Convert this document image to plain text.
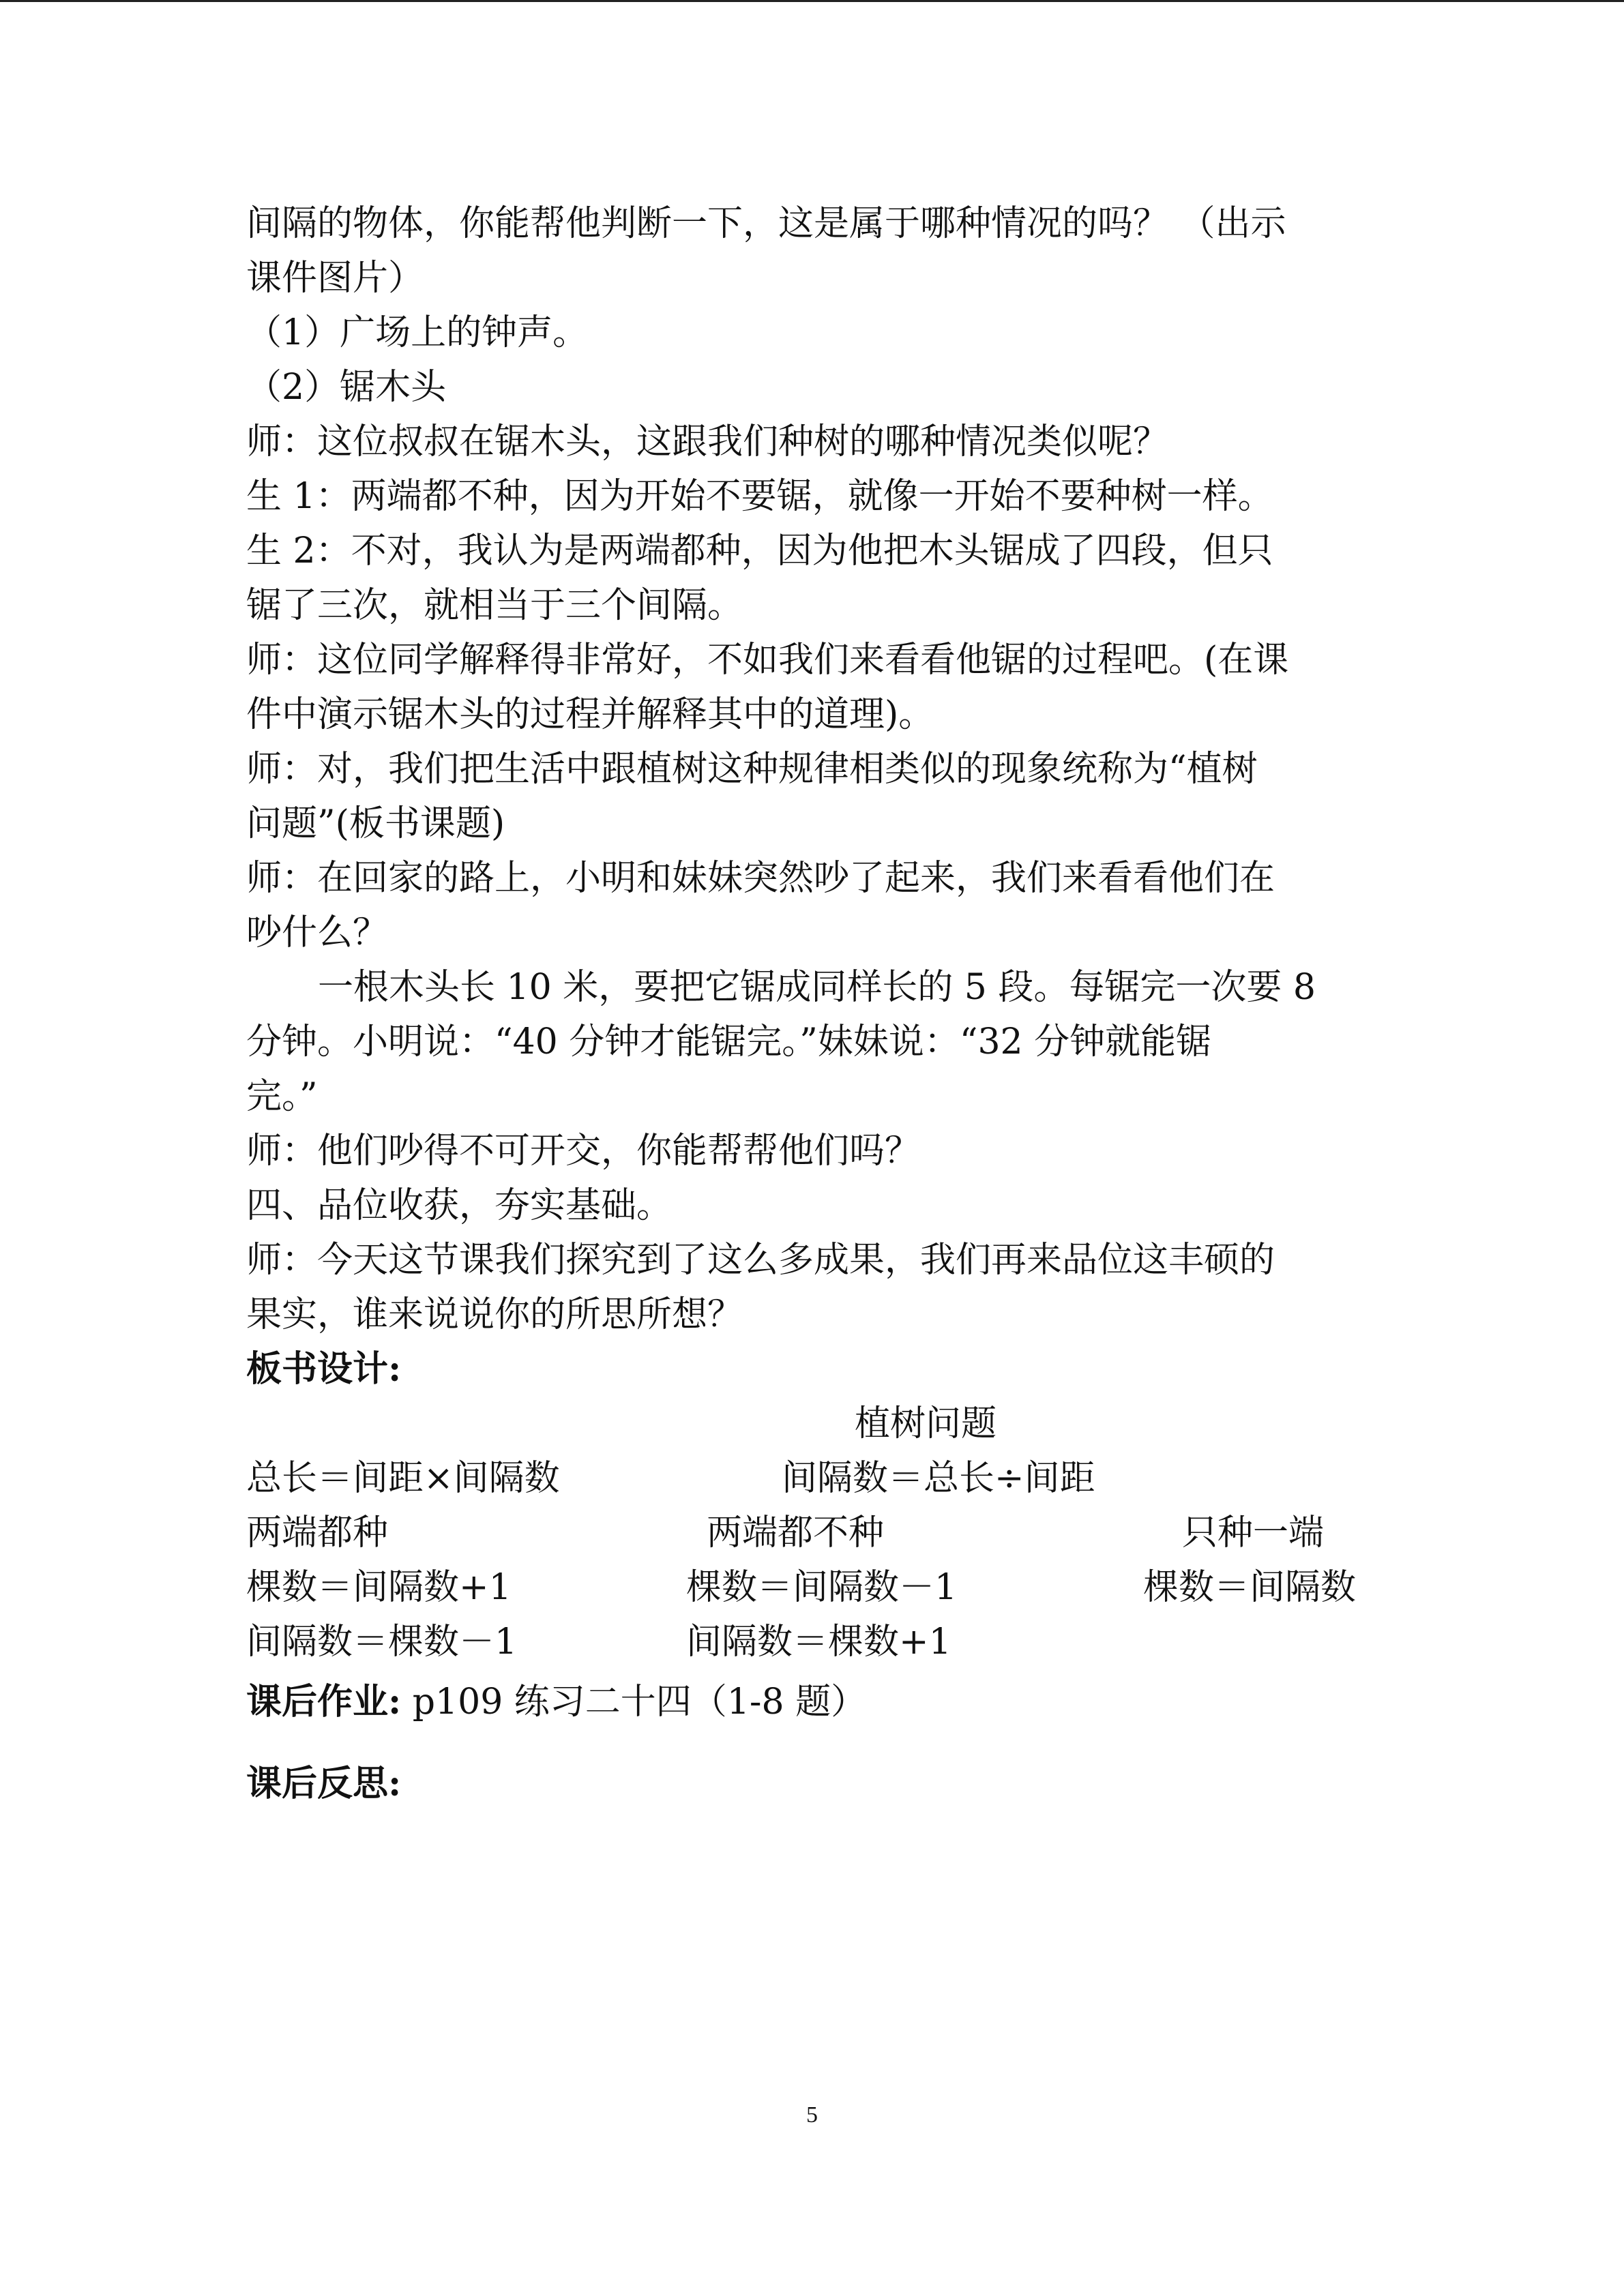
间隔的物体，你能帮他判断一下，这是属于哪种情况的吗？ （出示

课件图片）

（1）广场上的钟声。

（2）锯木头

师：这位叔叔在锯木头，这跟我们种树的哪种情况类似呢？

生 1：两端都不种，因为开始不要锯，就像一开始不要种树一样。

生 2：不对，我认为是两端都种，因为他把木头锯成了四段，但只

锯了三次，就相当于三个间隔。

师：这位同学解释得非常好，不如我们来看看他锯的过程吧。(在课

件中演示锯木头的过程并解释其中的道理)。

师：对，我们把生活中跟植树这种规律相类似的现象统称为“植树

问题”(板书课题)

师：在回家的路上，小明和妹妹突然吵了起来，我们来看看他们在

吵什么？

一根木头长 10 米，要把它锯成同样长的 5 段。每锯完一次要 8

分钟。小明说：“40 分钟才能锯完。”妹妹说：“32 分钟就能锯

完。”

师：他们吵得不可开交，你能帮帮他们吗？

四、品位收获，夯实基础。

师：今天这节课我们探究到了这么多成果，我们再来品位这丰硕的

果实，谁来说说你的所思所想？

板书设计:

植树问题
总长＝间距×间隔数	间隔数＝总长÷间距
两端都种	两端都不种	只种一端
棵数＝间隔数+1	棵数＝间隔数－1	棵数＝间隔数
间隔数＝棵数－1	间隔数＝棵数+1

课后作业: p109 练习二十四（1-8 题）

课后反思:

5
